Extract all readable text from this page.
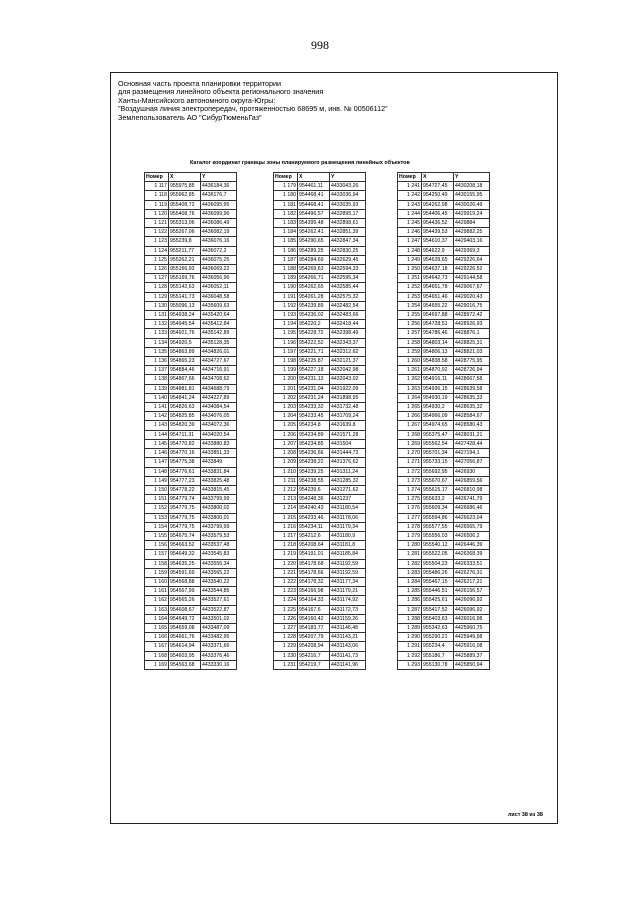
998
Основная часть проекта планировки территории
для размещения линейного объекта регионального значения
Ханты-Мансийского автономного округа-Югры:
"Воздушная линия электропередач, протяженностью 68695 м, инв. № 00506112"
Землепользователь АО "СибурТюменьГаз"
Каталог координат границы зоны планируемого размещения линейных объектов
Номер	X	Y
1 117	955975,85	4436184,36
1 118	955962,85	4436176,7
1 119	955408,72	4436095,95
1 120	955408,76	4436099,96
1 121	955313,06	4436086,49
1 122	955267,06	4436082,19
1 123	955239,8	4436076,16
1 124	955211,77	4436072,2
1 125	955262,21	4436075,25
1 126	955166,93	4436069,22
1 127	955169,76	4436056,96
1 128	955142,63	4436052,11
1 129	955141,73	4436048,58
1 130	955096,13	4435609,63
1 131	954938,24	4435420,64
1 132	954945,54	4435412,84
1 133	954921,76	4435142,89
1 134	954920,5	4435128,35
1 135	954863,89	4434826,01
1 136	954865,23	4434727,67
1 137	954884,46	4434716,91
1 138	954867,66	4434708,62
1 139	954881,81	4434688,79
1 140	954841,24	4434227,89
1 141	954826,63	4434084,54
1 142	954825,85	4434076,05
1 143	954820,39	4434072,36
1 144	954711,31	4434020,54
1 145	954770,82	4433880,83
1 146	954770,16	4433851,33
1 147	954775,38	4433849
1 148	954776,61	4433831,84
1 149	954777,23	4433825,48
1 150	954778,22	4433815,45
1 151	954779,74	4433799,99
1 152	954779,75	4433800,02
1 153	954779,75	4433800,01
1 154	954779,75	4433799,99
1 155	954675,74	4433579,53
1 156	954663,52	4433537,48
1 157	954649,32	4433545,83
1 158	954635,25	4433556,34
1 159	954591,69	4433565,22
1 160	954568,88	4433540,22
1 161	954567,99	4433544,85
1 162	954565,26	4433527,61
1 163	954608,67	4433522,87
1 164	954649,72	4433501,02
1 165	954659,08	4433487,09
1 166	954661,76	4433482,95
1 167	954614,94	4433371,66
1 168	954603,95	4433376,46
1 169	954563,68	4433330,16
Номер	X	Y
1 179	954461,11	4433043,26
1 180	954468,41	4433036,94
1 181	954468,41	4433035,93
1 182	954496,57	4432895,17
1 183	954399,48	4432898,61
1 184	954262,41	4432851,39
1 185	954290,65	4432847,34
1 186	954289,25	4432830,25
1 187	954284,69	4432629,45
1 188	954269,63	4432594,33
1 189	954266,71	4432595,34
1 190	954262,65	4432585,44
1 191	954261,28	4432575,32
1 192	954239,89	4432482,54
1 193	954236,02	4432483,66
1 194	954220,2	4432418,44
1 195	954228,72	4432398,49
1 196	954222,52	4432343,37
1 197	954221,71	4432312,62
1 198	954225,87	4432121,37
1 199	954227,18	4432042,98
1 200	954231,13	4432043,02
1 201	954231,04	4431922,09
1 202	954231,24	4431898,95
1 203	954233,32	4431732,48
1 204	954233,45	4431709,24
1 205	954234,8	4431639,8
1 206	954234,89	4431571,28
1 207	954234,85	4431504
1 208	954236,66	4431444,73
1 209	954238,22	4431376,62
1 210	954239,25	4431311,24
1 211	954238,55	4431285,32
1 212	954239,6	4431271,62
1 213	954248,36	4431237
1 214	954240,43	4431180,54
1 215	954233,46	4431178,06
1 216	954234,11	4431179,34
1 217	954212,6	4431180,9
1 218	954208,64	4431181,8
1 219	954191,01	4431185,84
1 220	954178,68	4431192,59
1 221	954178,66	4431192,59
1 222	954178,32	4431177,34
1 223	954166,98	4431179,21
1 224	954164,33	4431174,92
1 225	954167,6	4431172,73
1 226	954160,42	4431159,26
1 227	954183,77	4431146,48
1 228	954207,79	4431143,21
1 229	954208,94	4431143,06
1 230	954216,7	4431141,73
1 231	954219,7	4431141,96
Номер	X	Y
1 241	954727,45	4430208,18
1 242	954250,49	4430155,95
1 243	954262,98	4430026,49
1 244	954406,45	4429919,24
1 245	954436,52	4429884
1 246	954439,53	4429882,25
1 247	954610,37	4429403,16
1 248	954622,9	4429369,3
1 249	954639,65	4429226,64
1 250	954637,18	4429226,52
1 251	954642,73	4429144,58
1 252	954651,78	4429067,67
1 253	954651,46	4429020,43
1 254	954655,22	4429016,75
1 255	954697,88	4428972,42
1 256	954728,51	4428926,93
1 257	954786,46	4428876,1
1 258	954803,14	4428825,31
1 259	954806,13	4428821,03
1 260	954838,58	4428775,95
1 261	954870,92	4428726,94
1 262	954916,11	4428667,58
1 263	954936,15	4428639,58
1 264	954930,19	4428635,33
1 265	954930,2	4428635,32
1 266	954966,09	4428584,67
1 267	954974,65	4428580,43
1 268	955375,47	4428031,21
1 269	955562,54	4427428,44
1 270	955701,34	4427194,1
1 271	955733,15	4427056,87
1 272	955692,95	4426930
1 273	955670,67	4426859,56
1 274	955615,17	4426810,98
1 275	955633,2	4426741,79
1 276	955609,34	4426686,46
1 277	955594,86	4426623,04
1 278	955577,55	4426565,79
1 279	955556,03	4426506,2
1 280	955540,12	4426446,39
1 281	955522,05	4426368,39
1 282	955504,23	4426333,51
1 283	955486,26	4426276,31
1 284	955467,15	4426217,21
1 285	955446,51	4426156,57
1 286	955425,61	4426096,92
1 287	955417,52	4426096,92
1 288	955403,63	4426016,98
1 289	955342,63	4425960,75
1 290	955290,21	4425949,98
1 291	955234,4	4425916,08
1 292	955186,7	4425889,37
1 293	955130,78	4425850,94
лист 38 из 38
